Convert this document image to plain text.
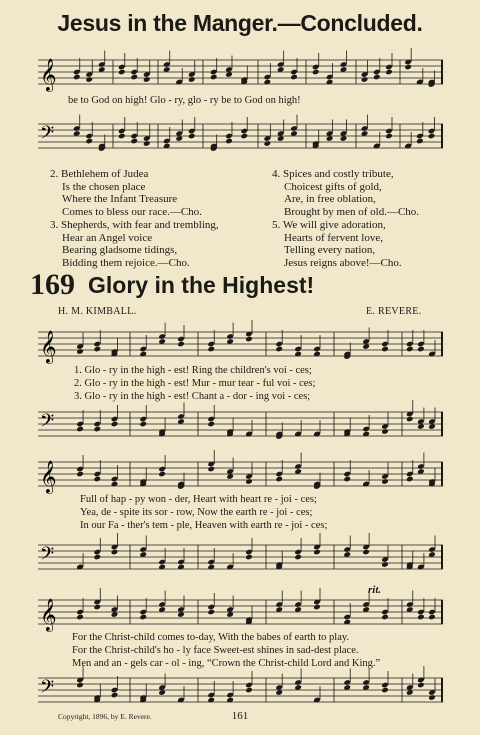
Jesus in the Manger.—Concluded.
𝄞
be to God on high! Glo - ry, glo - ry be to God on high!
𝄢
2. Bethlehem of Judea
Is the chosen place
Where the Infant Treasure
Comes to bless our race.—Cho.
3. Shepherds, with fear and trembling,
Hear an Angel voice
Bearing gladsome tidings,
Bidding them rejoice.—Cho.
4. Spices and costly tribute,
Choicest gifts of gold,
Are, in free oblation,
Brought by men of old.—Cho.
5. We will give adoration,
Hearts of fervent love,
Telling every nation,
Jesus reigns above!—Cho.
169 Glory in the Highest!
H. M. KIMBALL.	E. REVERE.
𝄞
1. Glo - ry in the high - est! Ring the children's voi - ces;
2. Glo - ry in the high - est! Mur - mur tear - ful voi - ces;
3. Glo - ry in the high - est! Chant a - dor - ing voi - ces;
𝄢
𝄞
Full of hap - py won - der, Heart with heart re - joi - ces;
Yea, de - spite its sor - row, Now the earth re - joi - ces;
In our Fa - ther's tem - ple, Heaven with earth re - joi - ces;
𝄢
rit.
𝄞
For the Christ-child comes to-day, With the babes of earth to play.
For the Christ-child's ho - ly face Sweet-est shines in sad-dest place.
Men and an - gels car - ol - ing, “Crown the Christ-child Lord and King.”
𝄢
Copyright, 1896, by E. Revere.	161
